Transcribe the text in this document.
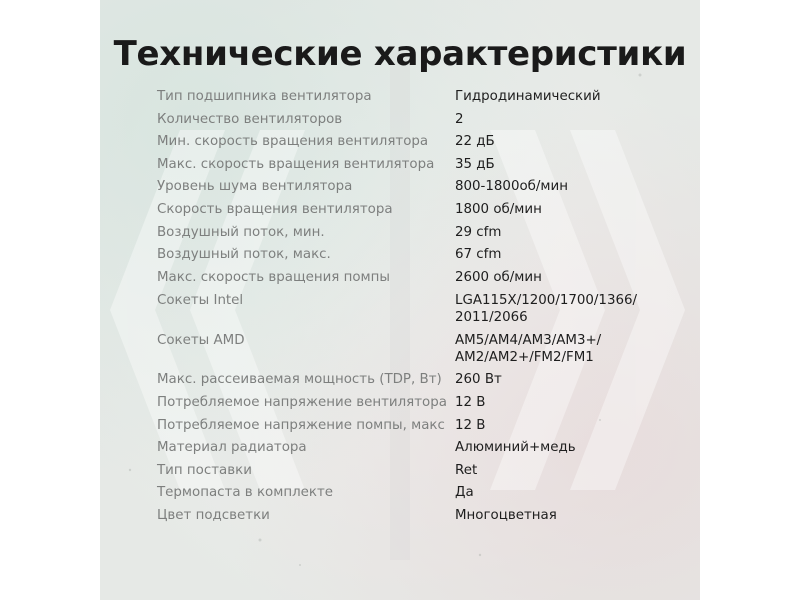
Технические характеристики
Тип подшипника вентилятора	Гидродинамический
Количество вентиляторов	2
Мин. скорость вращения вентилятора	22 дБ
Макс. скорость вращения вентилятора	35 дБ
Уровень шума вентилятора	800-1800об/мин
Скорость вращения вентилятора	1800 об/мин
Воздушный поток, мин.	29 cfm
Воздушный поток, макс.	67 cfm
Макс. скорость вращения помпы	2600 об/мин
Сокеты Intel	LGA115X/1200/1700/1366/
2011/2066
Сокеты AMD	AM5/AM4/AM3/AM3+/
AM2/AM2+/FM2/FM1
Макс. рассеиваемая мощность (TDP, Вт) 260 Вт
Потребляемое напряжение вентилятора 12 В
Потребляемое напряжение помпы, макс 12 В
Материал радиатора	Алюминий+медь
Тип поставки	Ret
Термопаста в комплекте	Да
Цвет подсветки	Многоцветная
